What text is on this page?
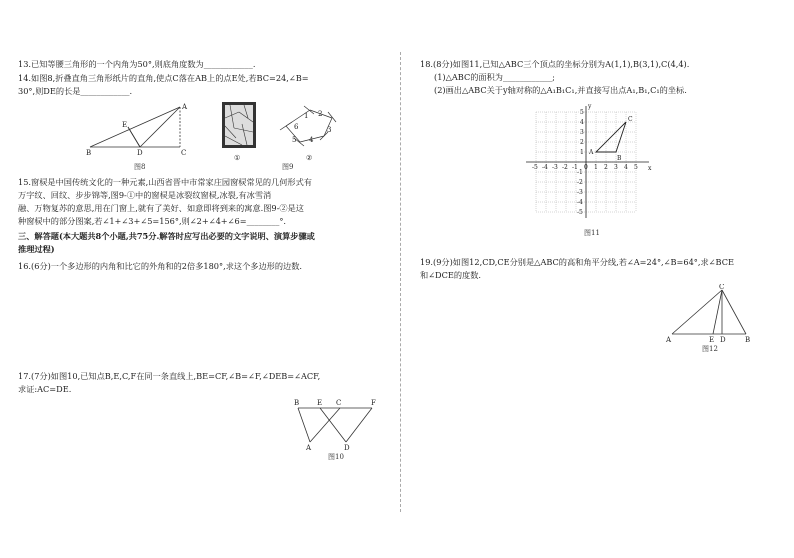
13.已知等腰三角形的一个内角为50°,则底角度数为____________.

14.如图8,折叠直角三角形纸片的直角,使点C落在AB上的点E处,若BC=24,∠B=

30°,则DE的长是____________.

A
B	C
D
E
图8
6
1
3
5
2
4
①	②
图9

15.窗棂是中国传统文化的一种元素,山西省晋中市常家庄园窗棂常见的几何形式有

万字纹、回纹、步步锦等,图9-①中的窗棂是冰裂纹窗棂,冰裂,有冰雪消

融、万物复苏的意思,用在门窗上,就有了美好、如意即将到来的寓意.图9-②是这

种窗棂中的部分图案,若∠1+∠3+∠5=156°,则∠2+∠4+∠6=________°.

三、解答题(本大题共8个小题,共75分.解答时应写出必要的文字说明、演算步骤或

推理过程)

16.(6分)一个多边形的内角和比它的外角和的2倍多180°,求这个多边形的边数.

17.(7分)如图10,已知点B,E,C,F在同一条直线上,BE=CF,∠B=∠F,∠DEB=∠ACF,

求证:AC=DE.

B	E C	F
A	D
图10

18.(8分)如图11,已知△ABC三个顶点的坐标分别为A(1,1),B(3,1),C(4,4).

(1)△ABC的面积为____________;

(2)画出△ABC关于y轴对称的△A₁B₁C₁,并直接写出点A₁,B₁,C₁的坐标.

x
y
-5 -4 -3 -2 -1 0 1 2 3 4 5
5
4
3
2
1
-1
-2
-3
-4
-5
A
B
C
图11

19.(9分)如图12,CD,CE分别是△ABC的高和角平分线,若∠A=24°,∠B=64°,求∠BCE

和∠DCE的度数.

C
A	E D	B
图12
